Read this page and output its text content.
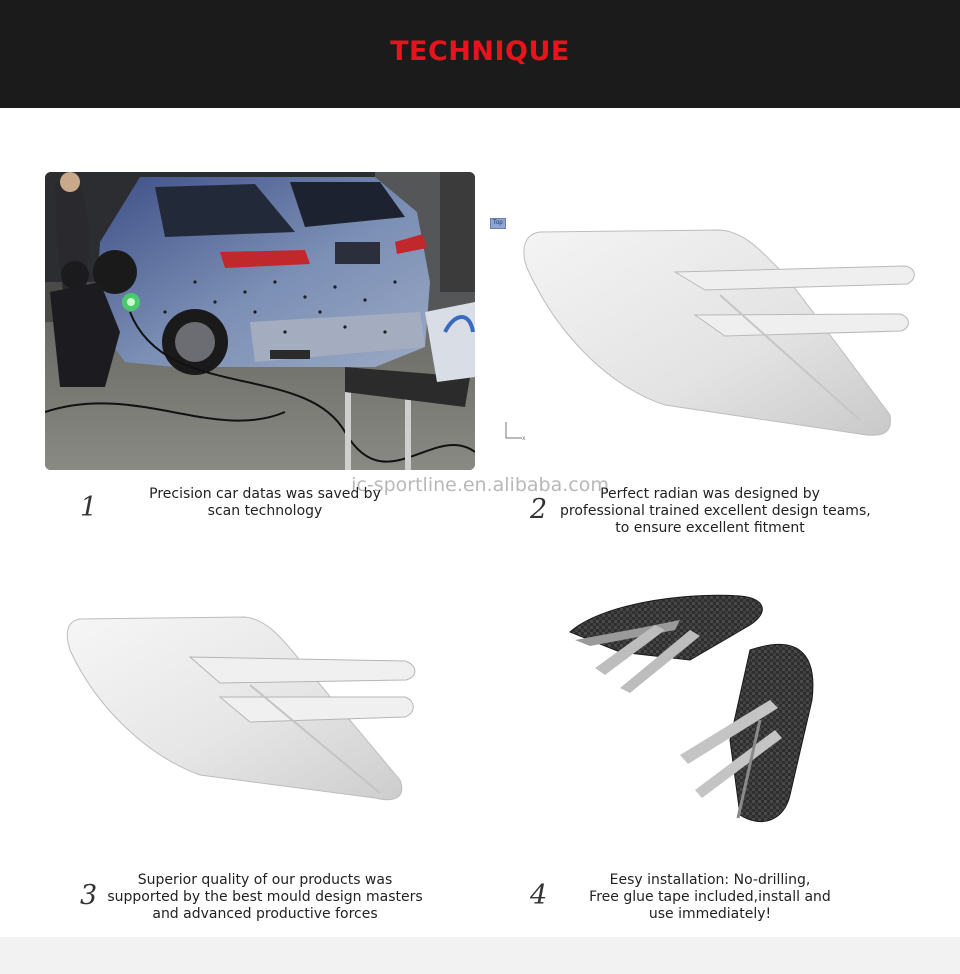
TECHNIQUE
Top
x
ic-sportline.en.alibaba.com
1	Precision car datas was saved by
scan technology	2	Perfect radian was designed by
professional trained excellent design teams,
to ensure excellent fitment

3	Superior quality of our products was
supported by the best mould design masters
and advanced productive forces

4	Eesy installation: No-drilling,
Free glue tape included,install and
use immediately!
